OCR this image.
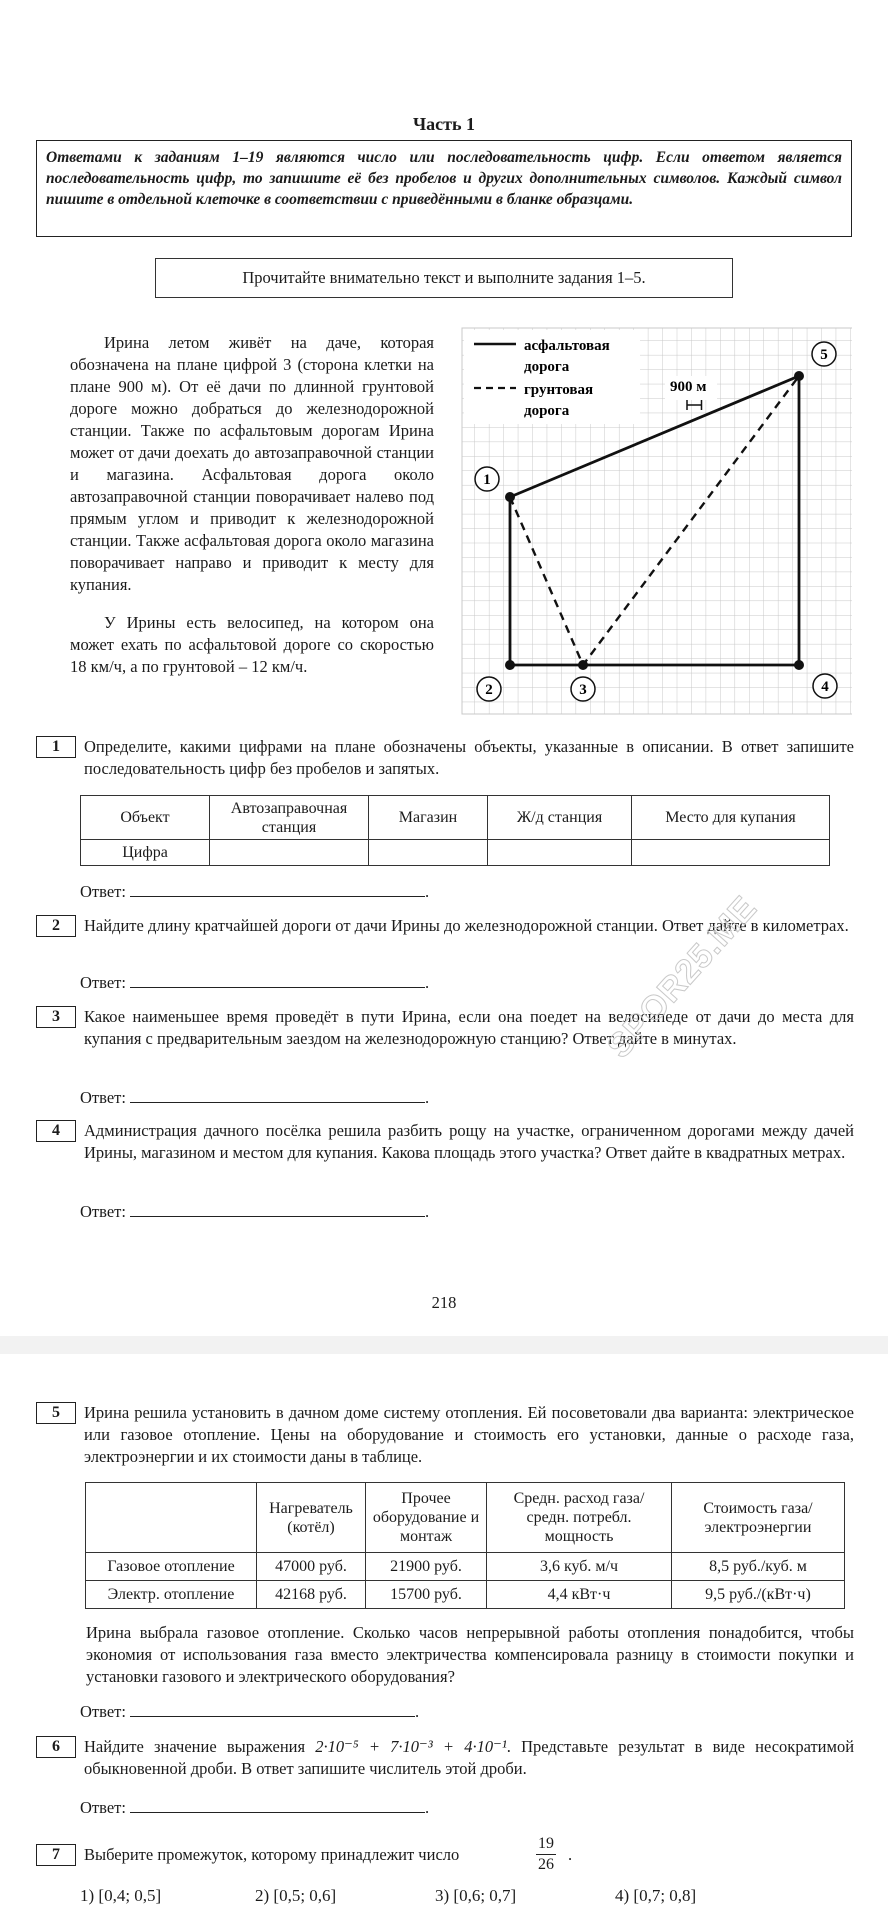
Часть 1
Ответами к заданиям 1–19 являются число или последовательность цифр. Если ответом является последовательность цифр, то запишите её без пробелов и других дополнительных символов. Каждый символ пишите в отдельной клеточке в соответствии с приведёнными в бланке образцами.
Прочитайте внимательно текст и выполните задания 1–5.
Ирина летом живёт на даче, которая обозначена на плане цифрой 3 (сторона клетки на плане 900 м). От её дачи по длинной грунтовой дороге можно добраться до железнодорожной станции. Также по асфальтовым дорогам Ирина может от дачи доехать до автозаправочной станции и магазина. Асфальтовая дорога около автозаправочной станции поворачивает налево под прямым углом и приводит к железнодорожной станции. Также асфальтовая дорога около магазина поворачивает направо и приводит к месту для купания.
У Ирины есть велосипед, на котором она может ехать по асфальтовой дороге со скоростью 18 км/ч, а по грунтовой – 12 км/ч.
асфальтовая
дорога
грунтовая
дорога
900 м
1
2	3	4
5
1	Определите, какими цифрами на плане обозначены объекты, указанные в описании. В ответ запишите последовательность цифр без пробелов и запятых.
Объект	Автозаправочная станция	Магазин	Ж/д станция	Место для купания
Цифра				
Ответ:	.
2	Найдите длину кратчайшей дороги от дачи Ирины до железнодорожной станции. Ответ дайте в километрах.
Ответ:	.
3	Какое наименьшее время проведёт в пути Ирина, если она поедет на велосипеде от дачи до места для купания с предварительным заездом на железнодорожную станцию? Ответ дайте в минутах.
Ответ:	.
4	Администрация дачного посёлка решила разбить рощу на участке, ограниченном дорогами между дачей Ирины, магазином и местом для купания. Какова площадь этого участка? Ответ дайте в квадратных метрах.
Ответ:	.
SPOR25.ME
218
5	Ирина решила установить в дачном доме систему отопления. Ей посоветовали два варианта: электрическое или газовое отопление. Цены на оборудование и стоимость его установки, данные о расходе газа, электроэнергии и их стоимости даны в таблице.
	Нагреватель (котёл)	Прочее оборудование и монтаж	Средн. расход газа/ средн. потребл. мощность	Стоимость газа/ электроэнергии
Газовое отопление	47000 руб.	21900 руб.	3,6 куб. м/ч	8,5 руб./куб. м
Электр. отопление	42168 руб.	15700 руб.	4,4 кВт·ч	9,5 руб./(кВт·ч)
Ирина выбрала газовое отопление. Сколько часов непрерывной работы отопления понадобится, чтобы экономия от использования газа вместо электричества компенсировала разницу в стоимости покупки и установки газового и электрического оборудования?
Ответ:	.
6	Найдите значение выражения 2·10⁻⁵ + 7·10⁻³ + 4·10⁻¹. Представьте результат в виде несократимой обыкновенной дроби. В ответ запишите числитель этой дроби.
Ответ:	.
7	Выберите промежуток, которому принадлежит число	$\frac{19}{26}$ .
1) [0,4; 0,5]	2) [0,5; 0,6]	3) [0,6; 0,7]	4) [0,7; 0,8]
